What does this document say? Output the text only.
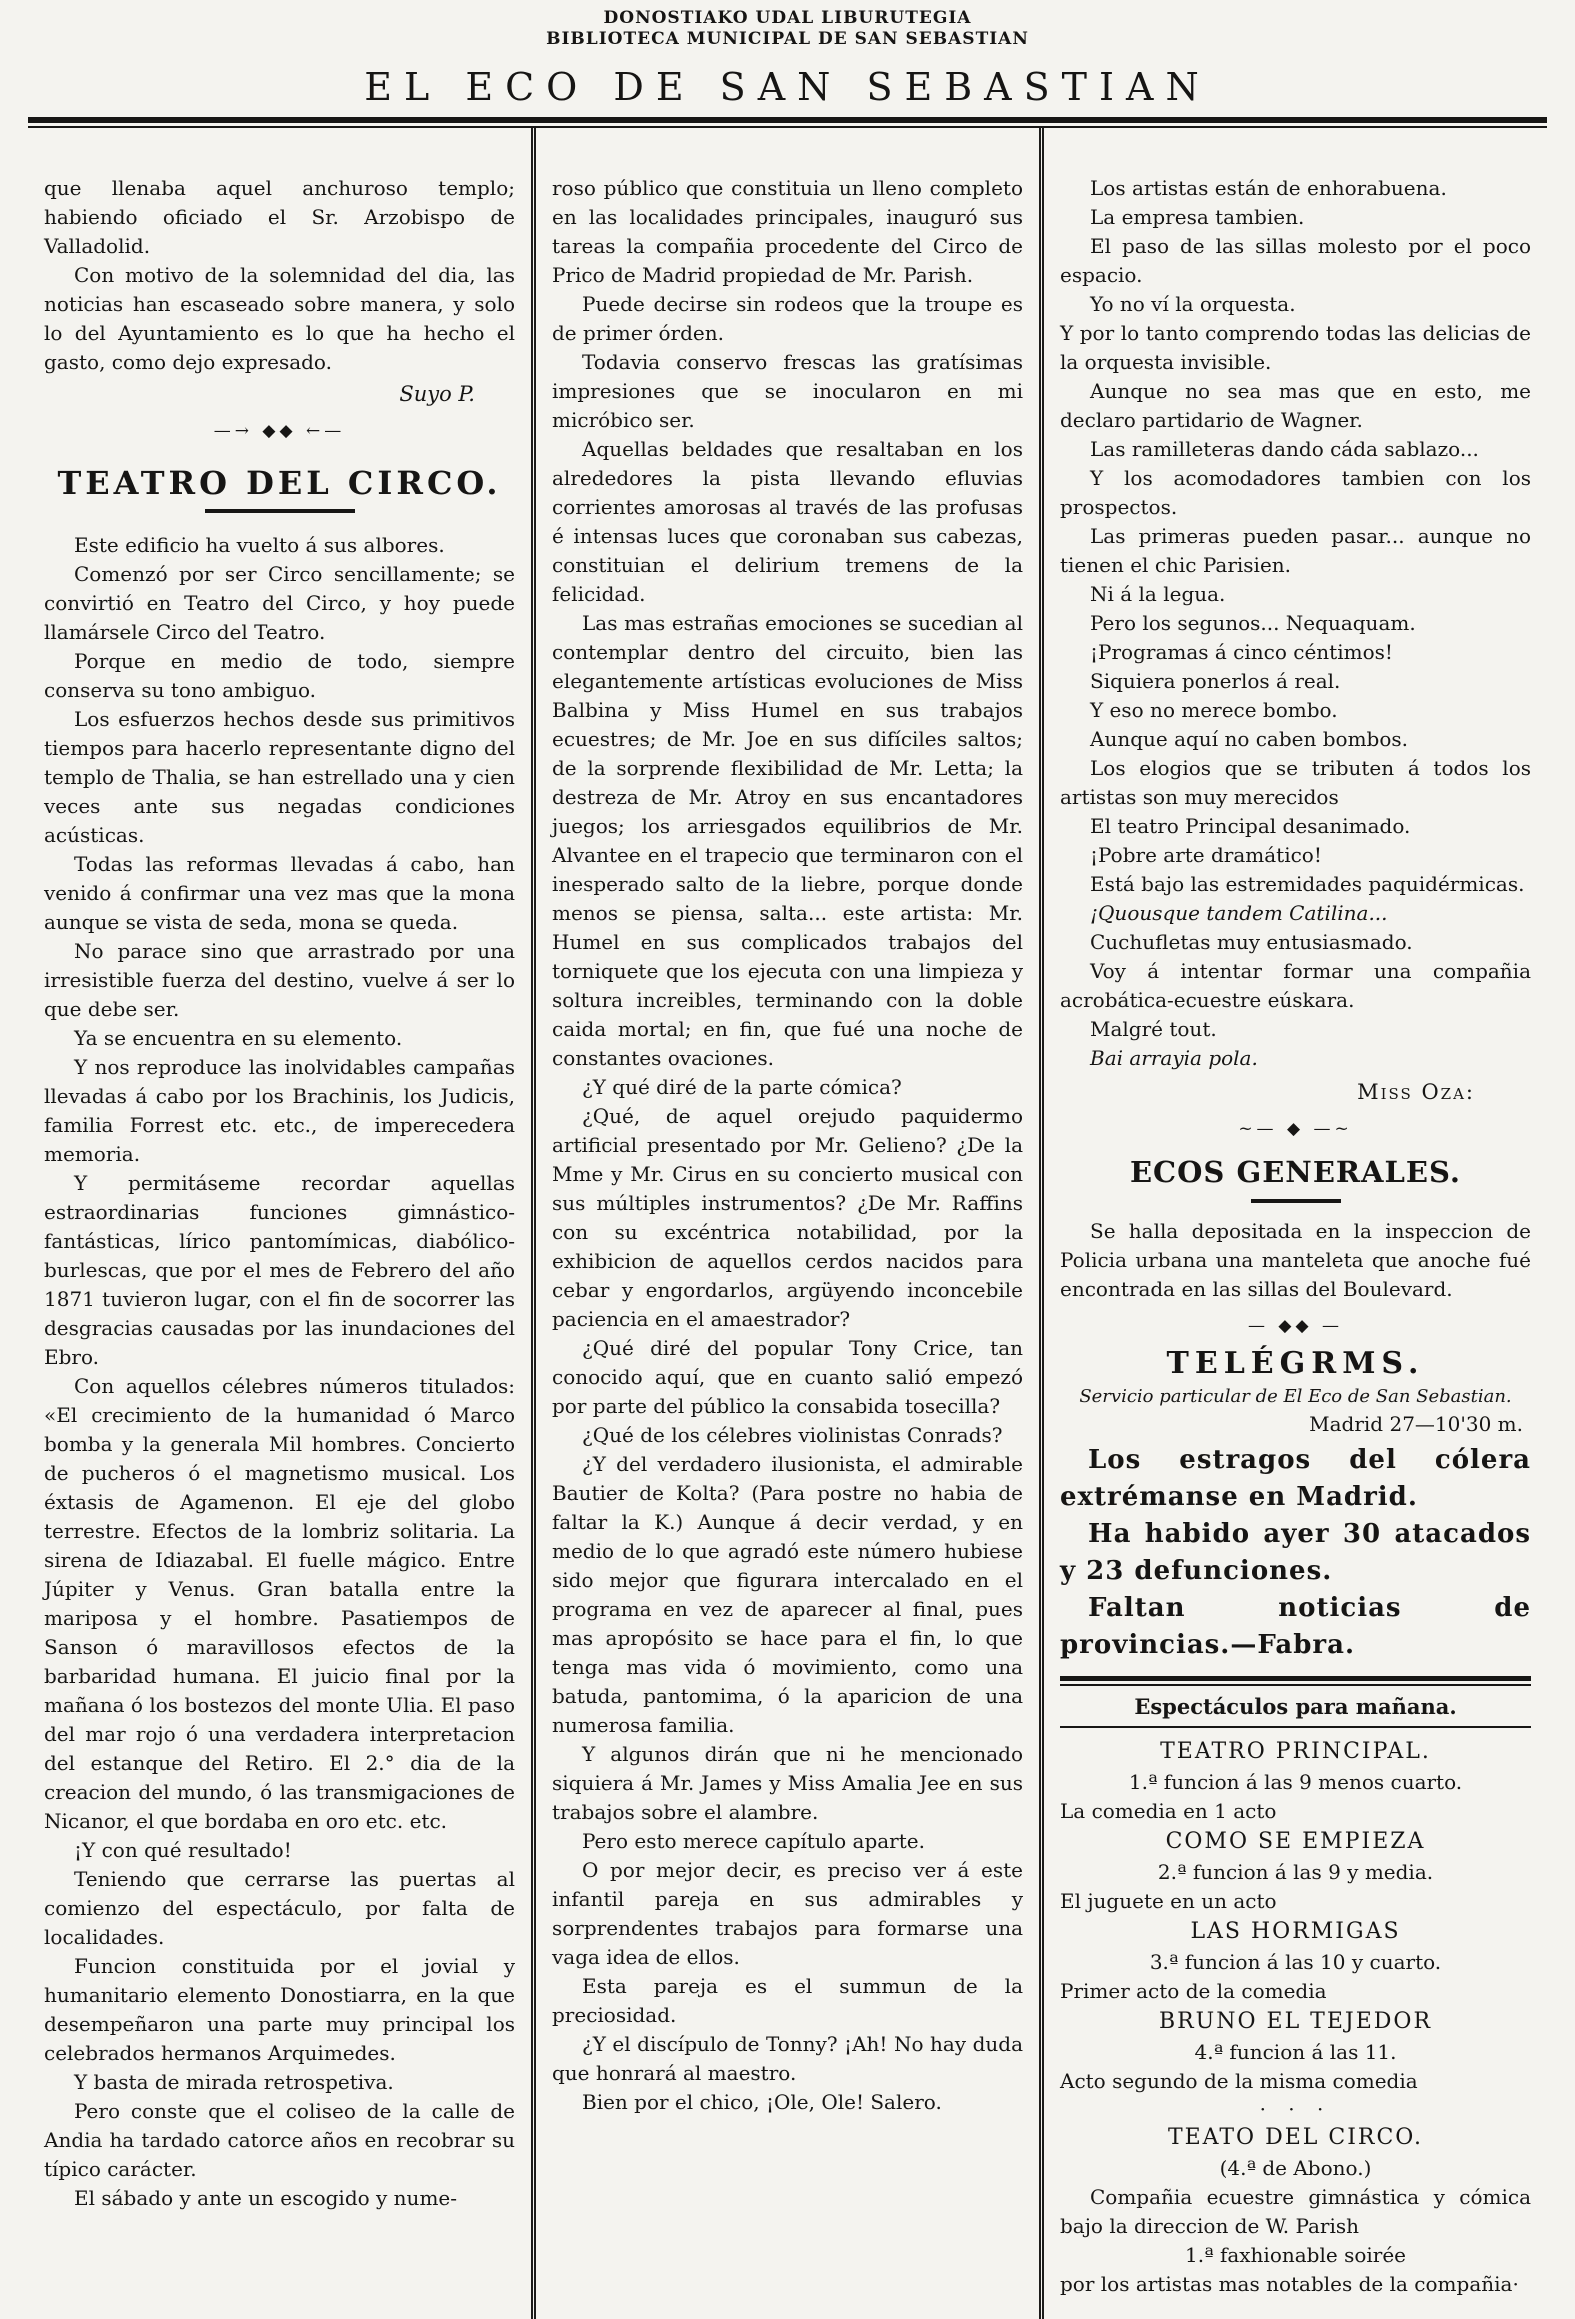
DONOSTIAKO UDAL LIBURUTEGIA

BIBLIOTECA MUNICIPAL DE SAN SEBASTIAN

EL ECO DE SAN SEBASTIAN

que llenaba aquel anchuroso templo; habiendo oficiado el Sr. Arzobispo de Valladolid.

Con motivo de la solemnidad del dia, las noticias han escaseado sobre manera, y solo lo del Ayuntamiento es lo que ha hecho el gasto, como dejo expresado.

Suyo P.

—→ ◆◆ ←—
TEATRO DEL CIRCO.

Este edificio ha vuelto á sus albores.

Comenzó por ser Circo sencillamente; se convirtió en Teatro del Circo, y hoy puede llamársele Circo del Teatro.

Porque en medio de todo, siempre conserva su tono ambiguo.

Los esfuerzos hechos desde sus primitivos tiempos para hacerlo representante digno del templo de Thalia, se han estrellado una y cien veces ante sus negadas condiciones acústicas.

Todas las reformas llevadas á cabo, han venido á confirmar una vez mas que la mona aunque se vista de seda, mona se queda.

No parace sino que arrastrado por una irresistible fuerza del destino, vuelve á ser lo que debe ser.

Ya se encuentra en su elemento.

Y nos reproduce las inolvidables campañas llevadas á cabo por los Brachinis, los Judicis, familia Forrest etc. etc., de imperecedera memoria.

Y permitáseme recordar aquellas estraordinarias funciones gimnástico-fantásticas, lírico pantomímicas, diabólico-burlescas, que por el mes de Febrero del año 1871 tuvieron lugar, con el fin de socorrer las desgracias causadas por las inundaciones del Ebro.

Con aquellos célebres números titulados: «El crecimiento de la humanidad ó Marco bomba y la generala Mil hombres. Concierto de pucheros ó el magnetismo musical. Los éxtasis de Agamenon. El eje del globo terrestre. Efectos de la lombriz solitaria. La sirena de Idiazabal. El fuelle mágico. Entre Júpiter y Venus. Gran batalla entre la mariposa y el hombre. Pasatiempos de Sanson ó maravillosos efectos de la barbaridad humana. El juicio final por la mañana ó los bostezos del monte Ulia. El paso del mar rojo ó una verdadera interpretacion del estanque del Retiro. El 2.° dia de la creacion del mundo, ó las transmigaciones de Nicanor, el que bordaba en oro etc. etc.

¡Y con qué resultado!

Teniendo que cerrarse las puertas al comienzo del espectáculo, por falta de localidades.

Funcion constituida por el jovial y humanitario elemento Donostiarra, en la que desempeñaron una parte muy principal los celebrados hermanos Arquimedes.

Y basta de mirada retrospetiva.

Pero conste que el coliseo de la calle de Andia ha tardado catorce años en recobrar su típico carácter.

El sábado y ante un escogido y nume-

roso público que constituia un lleno completo en las localidades principales, inauguró sus tareas la compañia procedente del Circo de Prico de Madrid propiedad de Mr. Parish.

Puede decirse sin rodeos que la troupe es de primer órden.

Todavia conservo frescas las gratísimas impresiones que se inocularon en mi micróbico ser.

Aquellas beldades que resaltaban en los alrededores la pista llevando efluvias corrientes amorosas al través de las profusas é intensas luces que coronaban sus cabezas, constituian el delirium tremens de la felicidad.

Las mas estrañas emociones se sucedian al contemplar dentro del circuito, bien las elegantemente artísticas evoluciones de Miss Balbina y Miss Humel en sus trabajos ecuestres; de Mr. Joe en sus difíciles saltos; de la sorprende flexibilidad de Mr. Letta; la destreza de Mr. Atroy en sus encantadores juegos; los arriesgados equilibrios de Mr. Alvantee en el trapecio que terminaron con el inesperado salto de la liebre, porque donde menos se piensa, salta... este artista: Mr. Humel en sus complicados trabajos del torniquete que los ejecuta con una limpieza y soltura increibles, terminando con la doble caida mortal; en fin, que fué una noche de constantes ovaciones.

¿Y qué diré de la parte cómica?

¿Qué, de aquel orejudo paquidermo artificial presentado por Mr. Gelieno? ¿De la Mme y Mr. Cirus en su concierto musical con sus múltiples instrumentos? ¿De Mr. Raffins con su excéntrica notabilidad, por la exhibicion de aquellos cerdos nacidos para cebar y engordarlos, argüyendo inconcebile paciencia en el amaestrador?

¿Qué diré del popular Tony Crice, tan conocido aquí, que en cuanto salió empezó por parte del público la consabida tosecilla?

¿Qué de los célebres violinistas Conrads?

¿Y del verdadero ilusionista, el admirable Bautier de Kolta? (Para postre no habia de faltar la K.) Aunque á decir verdad, y en medio de lo que agradó este número hubiese sido mejor que figurara intercalado en el programa en vez de aparecer al final, pues mas apropósito se hace para el fin, lo que tenga mas vida ó movimiento, como una batuda, pantomima, ó la aparicion de una numerosa familia.

Y algunos dirán que ni he mencionado siquiera á Mr. James y Miss Amalia Jee en sus trabajos sobre el alambre.

Pero esto merece capítulo aparte.

O por mejor decir, es preciso ver á este infantil pareja en sus admirables y sorprendentes trabajos para formarse una vaga idea de ellos.

Esta pareja es el summun de la preciosidad.

¿Y el discípulo de Tonny? ¡Ah! No hay duda que honrará al maestro.

Bien por el chico, ¡Ole, Ole! Salero.

Los artistas están de enhorabuena.

La empresa tambien.

El paso de las sillas molesto por el poco espacio.

Yo no ví la orquesta.

Y por lo tanto comprendo todas las delicias de la orquesta invisible.

Aunque no sea mas que en esto, me declaro partidario de Wagner.

Las ramilleteras dando cáda sablazo...

Y los acomodadores tambien con los prospectos.

Las primeras pueden pasar... aunque no tienen el chic Parisien.

Ni á la legua.

Pero los segunos... Nequaquam.

¡Programas á cinco céntimos!

Siquiera ponerlos á real.

Y eso no merece bombo.

Aunque aquí no caben bombos.

Los elogios que se tributen á todos los artistas son muy merecidos

El teatro Principal desanimado.

¡Pobre arte dramático!

Está bajo las estremidades paquidérmicas.

¡Quousque tandem Catilina...

Cuchufletas muy entusiasmado.

Voy á intentar formar una compañia acrobática-ecuestre eúskara.

Malgré tout.

Bai arrayia pola.

Miss Oza:

~— ◆ —~
ECOS GENERALES.

Se halla depositada en la inspeccion de Policia urbana una manteleta que anoche fué encontrada en las sillas del Boulevard.

— ◆◆ —
TELÉGRMS.

Servicio particular de El Eco de San Sebastian.

Madrid 27—10'30 m.

Los estragos del cólera extrémanse en Madrid.

Ha habido ayer 30 atacados y 23 defunciones.

Faltan noticias de provincias.—Fabra.

Espectáculos para mañana.

TEATRO PRINCIPAL.

1.ª funcion á las 9 menos cuarto.

La comedia en 1 acto

COMO SE EMPIEZA

2.ª funcion á las 9 y media.

El juguete en un acto

LAS HORMIGAS

3.ª funcion á las 10 y cuarto.

Primer acto de la comedia

BRUNO EL TEJEDOR

4.ª funcion á las 11.

Acto segundo de la misma comedia

· · ·

TEATO DEL CIRCO.

(4.ª de Abono.)

Compañia ecuestre gimnástica y cómica bajo la direccion de W. Parish

1.ª faxhionable soirée

por los artistas mas notables de la compañia·
